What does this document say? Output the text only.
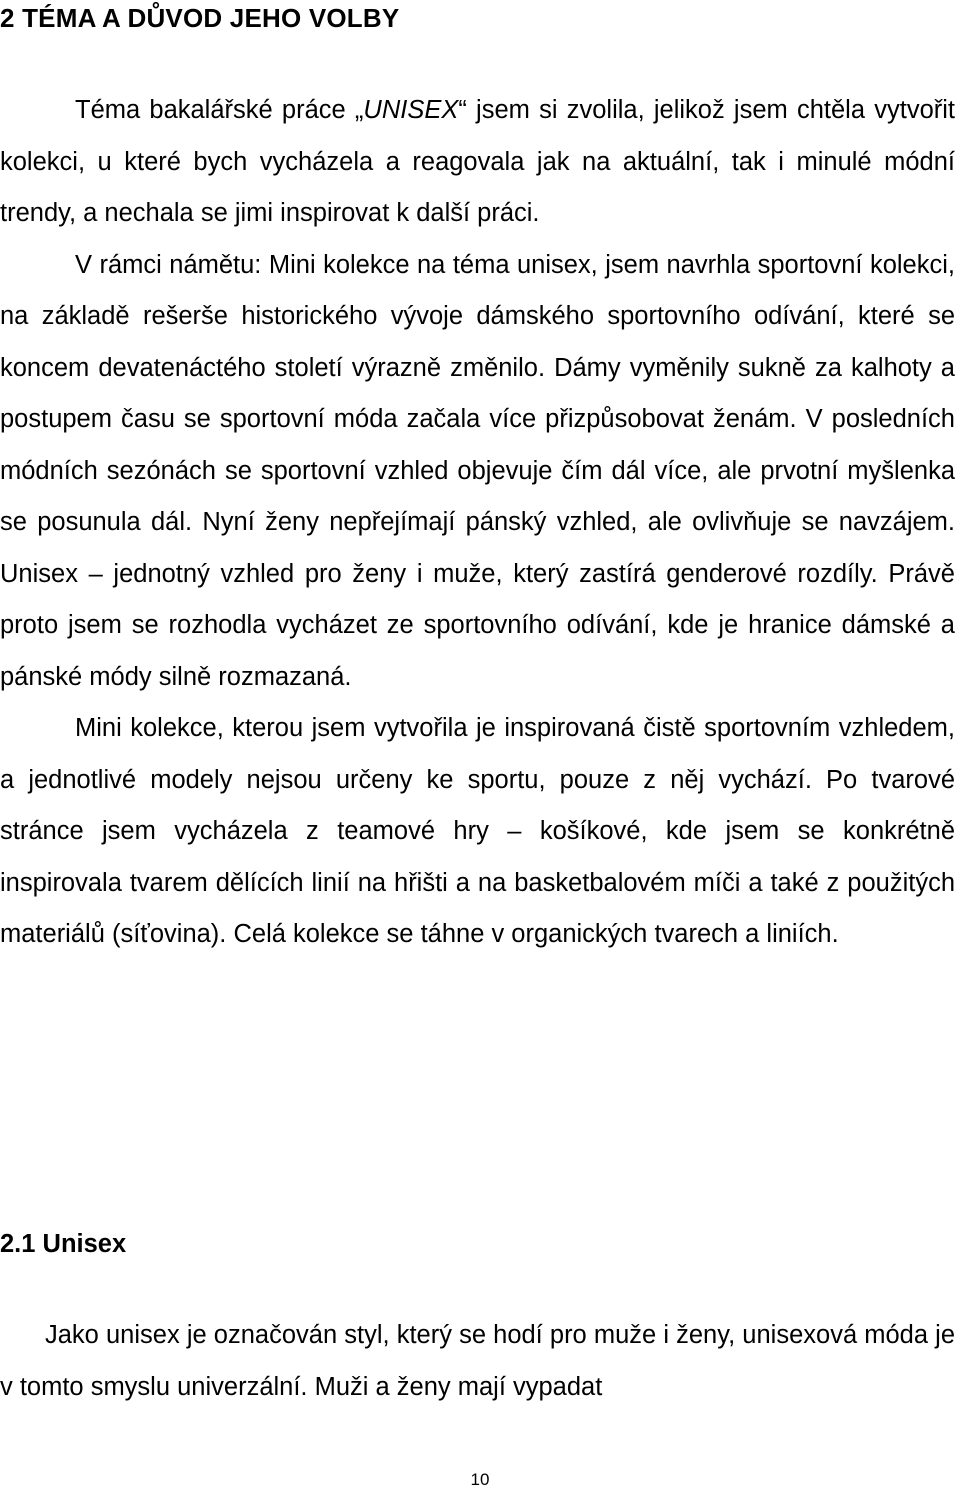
2 TÉMA A DŮVOD JEHO VOLBY

Téma bakalářské práce „UNISEX“ jsem si zvolila, jelikož jsem chtěla vytvořit kolekci, u které bych vycházela a reagovala jak na aktuální, tak i minulé módní trendy, a nechala se jimi inspirovat k další práci.

V rámci námětu: Mini kolekce na téma unisex, jsem navrhla sportovní kolekci, na základě rešerše historického vývoje dámského sportovního odívání, které se koncem devatenáctého století výrazně změnilo. Dámy vyměnily sukně za kalhoty a postupem času se sportovní móda začala více přizpůsobovat ženám. V posledních módních sezónách se sportovní vzhled objevuje čím dál více, ale prvotní myšlenka se posunula dál. Nyní ženy nepřejímají pánský vzhled, ale ovlivňuje se navzájem. Unisex – jednotný vzhled pro ženy i muže, který zastírá genderové rozdíly. Právě proto jsem se rozhodla vycházet ze sportovního odívání, kde je hranice dámské a pánské módy silně rozmazaná.

Mini kolekce, kterou jsem vytvořila je inspirovaná čistě sportovním vzhledem, a jednotlivé modely nejsou určeny ke sportu, pouze z něj vychází. Po tvarové stránce jsem vycházela z teamové hry – košíkové, kde jsem se konkrétně inspirovala tvarem dělících linií na hřišti a na basketbalovém míči a také z použitých materiálů (síťovina). Celá kolekce se táhne v organických tvarech a liniích.

2.1 Unisex

Jako unisex je označován styl, který se hodí pro muže i ženy, unisexová móda je v tomto smyslu univerzální. Muži a ženy mají vypadat

10
